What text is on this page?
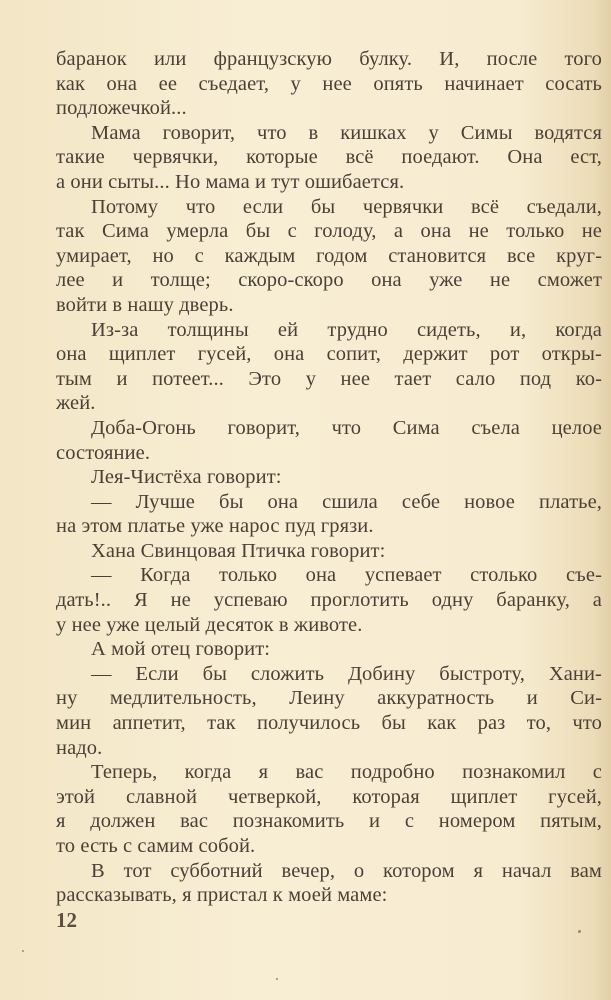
баранок или французскую булку. И, после того
как она ее съедает, у нее опять начинает сосать
подложечкой...
Мама говорит, что в кишках у Симы водятся
такие червячки, которые всё поедают. Она ест,
а они сыты... Но мама и тут ошибается.
Потому что если бы червячки всё съедали,
так Сима умерла бы с голоду, а она не только не
умирает, но с каждым годом становится все круг-
лее и толще; скоро-скоро она уже не сможет
войти в нашу дверь.
Из-за толщины ей трудно сидеть, и, когда
она щиплет гусей, она сопит, держит рот откры-
тым и потеет... Это у нее тает сало под ко-
жей.
Доба-Огонь говорит, что Сима съела целое
состояние.
Лея-Чистёха говорит:
— Лучше бы она сшила себе новое платье,
на этом платье уже нарос пуд грязи.
Хана Свинцовая Птичка говорит:
— Когда только она успевает столько съе-
дать!.. Я не успеваю проглотить одну баранку, а
у нее уже целый десяток в животе.
А мой отец говорит:
— Если бы сложить Добину быстроту, Хани-
ну медлительность, Леину аккуратность и Си-
мин аппетит, так получилось бы как раз то, что
надо.
Теперь, когда я вас подробно познакомил с
этой славной четверкой, которая щиплет гусей,
я должен вас познакомить и с номером пятым,
то есть с самим собой.
В тот субботний вечер, о котором я начал вам
рассказывать, я пристал к моей маме:
12
